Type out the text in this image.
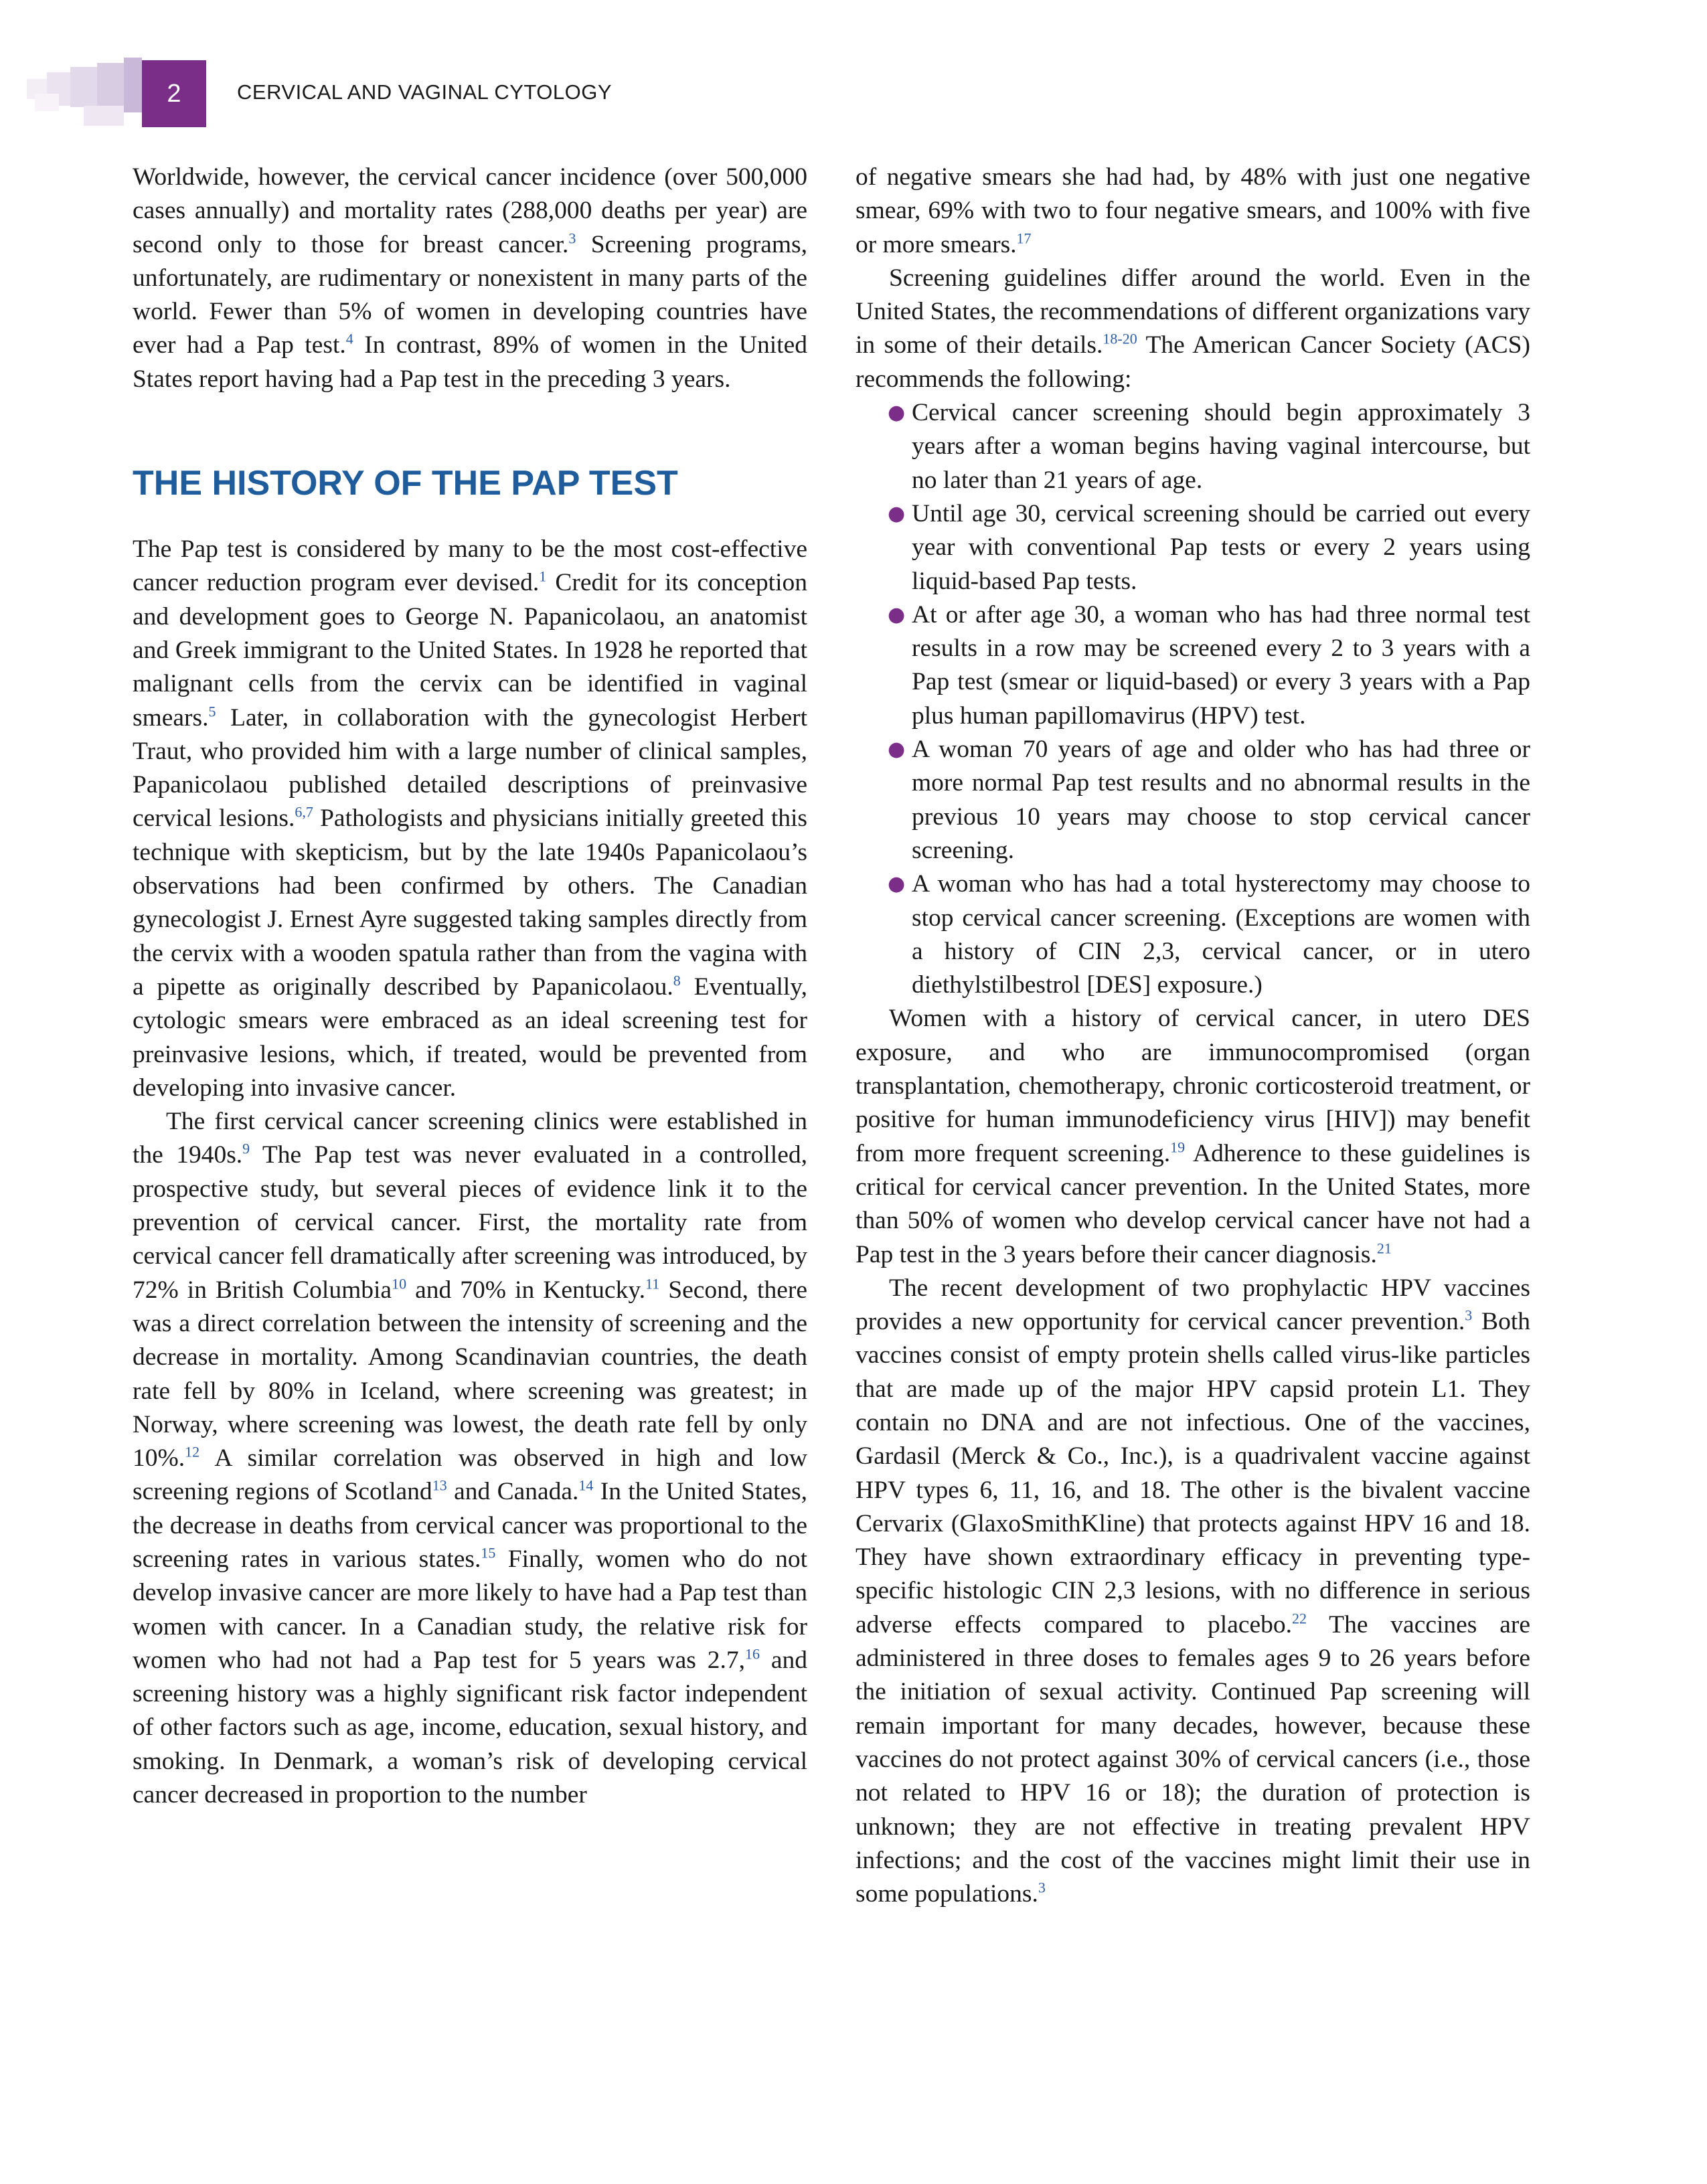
2	CERVICAL AND VAGINAL CYTOLOGY

Worldwide, however, the cervical cancer incidence (over 500,000 cases annually) and mortality rates (288,000 deaths per year) are second only to those for breast cancer.$^3$ Screening programs, unfortunately, are rudimentary or nonexistent in many parts of the world. Fewer than 5% of women in developing countries have ever had a Pap test.$^4$ In contrast, 89% of women in the United States report having had a Pap test in the preceding 3 years.

THE HISTORY OF THE PAP TEST

The Pap test is considered by many to be the most cost-effective cancer reduction program ever devised.$^1$ Credit for its conception and development goes to George N. Papanicolaou, an anatomist and Greek immigrant to the United States. In 1928 he reported that malignant cells from the cervix can be identified in vaginal smears.$^5$ Later, in collaboration with the gynecologist Herbert Traut, who provided him with a large number of clinical samples, Papanicolaou published detailed descriptions of preinvasive cervical lesions.$^{6,7}$ Pathologists and physicians initially greeted this technique with skepticism, but by the late 1940s Papanicolaou’s observations had been confirmed by others. The Canadian gynecologist J. Ernest Ayre suggested taking samples directly from the cervix with a wooden spatula rather than from the vagina with a pipette as originally described by Papanicolaou.$^8$ Eventually, cytologic smears were embraced as an ideal screening test for preinvasive lesions, which, if treated, would be prevented from developing into invasive cancer.

The first cervical cancer screening clinics were established in the 1940s.$^9$ The Pap test was never evaluated in a controlled, prospective study, but several pieces of evidence link it to the prevention of cervical cancer. First, the mortality rate from cervical cancer fell dramatically after screening was introduced, by 72% in British Columbia$^{10}$ and 70% in Kentucky.$^{11}$ Second, there was a direct correlation between the intensity of screening and the decrease in mortality. Among Scandinavian countries, the death rate fell by 80% in Iceland, where screening was greatest; in Norway, where screening was lowest, the death rate fell by only 10%.$^{12}$ A similar correlation was observed in high and low screening regions of Scotland$^{13}$ and Canada.$^{14}$ In the United States, the decrease in deaths from cervical cancer was proportional to the screening rates in various states.$^{15}$ Finally, women who do not develop invasive cancer are more likely to have had a Pap test than women with cancer. In a Canadian study, the relative risk for women who had not had a Pap test for 5 years was 2.7,16 and screening history was a highly significant risk factor independent of other factors such as age, income, education, sexual history, and smoking. In Denmark, a woman’s risk of developing cervical cancer decreased in proportion to the number

of negative smears she had had, by 48% with just one negative smear, 69% with two to four negative smears, and 100% with five or more smears.$^{17}$

Screening guidelines differ around the world. Even in the United States, the recommendations of different organizations vary in some of their details.$^{18-20}$ The American Cancer Society (ACS) recommends the following:

● Cervical cancer screening should begin approximately 3 years after a woman begins having vaginal intercourse, but no later than 21 years of age.
● Until age 30, cervical screening should be carried out every year with conventional Pap tests or every 2 years using liquid-based Pap tests.
● At or after age 30, a woman who has had three normal test results in a row may be screened every 2 to 3 years with a Pap test (smear or liquid-based) or every 3 years with a Pap plus human papillomavirus (HPV) test.
● A woman 70 years of age and older who has had three or more normal Pap test results and no abnormal results in the previous 10 years may choose to stop cervical cancer screening.
● A woman who has had a total hysterectomy may choose to stop cervical cancer screening. (Exceptions are women with a history of CIN 2,3, cervical cancer, or in utero diethylstilbestrol [DES] exposure.)

Women with a history of cervical cancer, in utero DES exposure, and who are immunocompromised (organ transplantation, chemotherapy, chronic corticosteroid treatment, or positive for human immunodeficiency virus [HIV]) may benefit from more frequent screening.$^{19}$ Adherence to these guidelines is critical for cervical cancer prevention. In the United States, more than 50% of women who develop cervical cancer have not had a Pap test in the 3 years before their cancer diagnosis.$^{21}$

The recent development of two prophylactic HPV vaccines provides a new opportunity for cervical cancer prevention.$^3$ Both vaccines consist of empty protein shells called virus-like particles that are made up of the major HPV capsid protein L1. They contain no DNA and are not infectious. One of the vaccines, Gardasil (Merck & Co., Inc.), is a quadrivalent vaccine against HPV types 6, 11, 16, and 18. The other is the bivalent vaccine Cervarix (GlaxoSmithKline) that protects against HPV 16 and 18. They have shown extraordinary efficacy in preventing type-specific histologic CIN 2,3 lesions, with no difference in serious adverse effects compared to placebo.$^{22}$ The vaccines are administered in three doses to females ages 9 to 26 years before the initiation of sexual activity. Continued Pap screening will remain important for many decades, however, because these vaccines do not protect against 30% of cervical cancers (i.e., those not related to HPV 16 or 18); the duration of protection is unknown; they are not effective in treating prevalent HPV infections; and the cost of the vaccines might limit their use in some populations.$^3$
